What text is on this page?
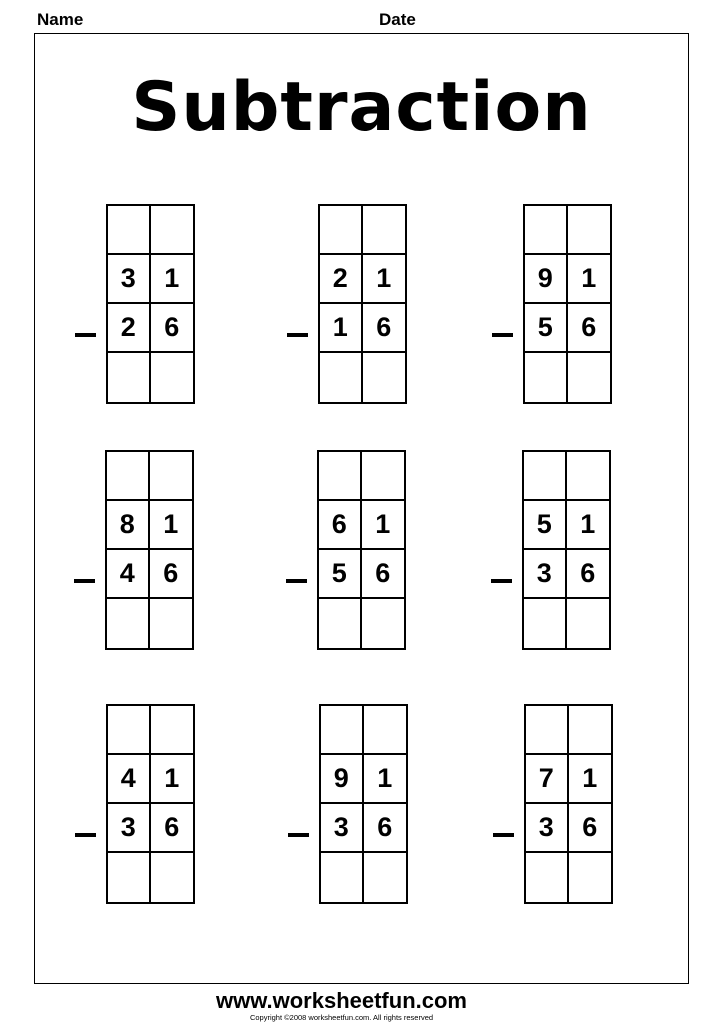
Name	Date
Subtraction
3	1
2	6
2	1
1	6
9	1
5	6
8	1
4	6
6	1
5	6
5	1
3	6
4	1
3	6
9	1
3	6
7	1
3	6
www.worksheetfun.com
Copyright ©2008 worksheetfun.com. All rights reserved
